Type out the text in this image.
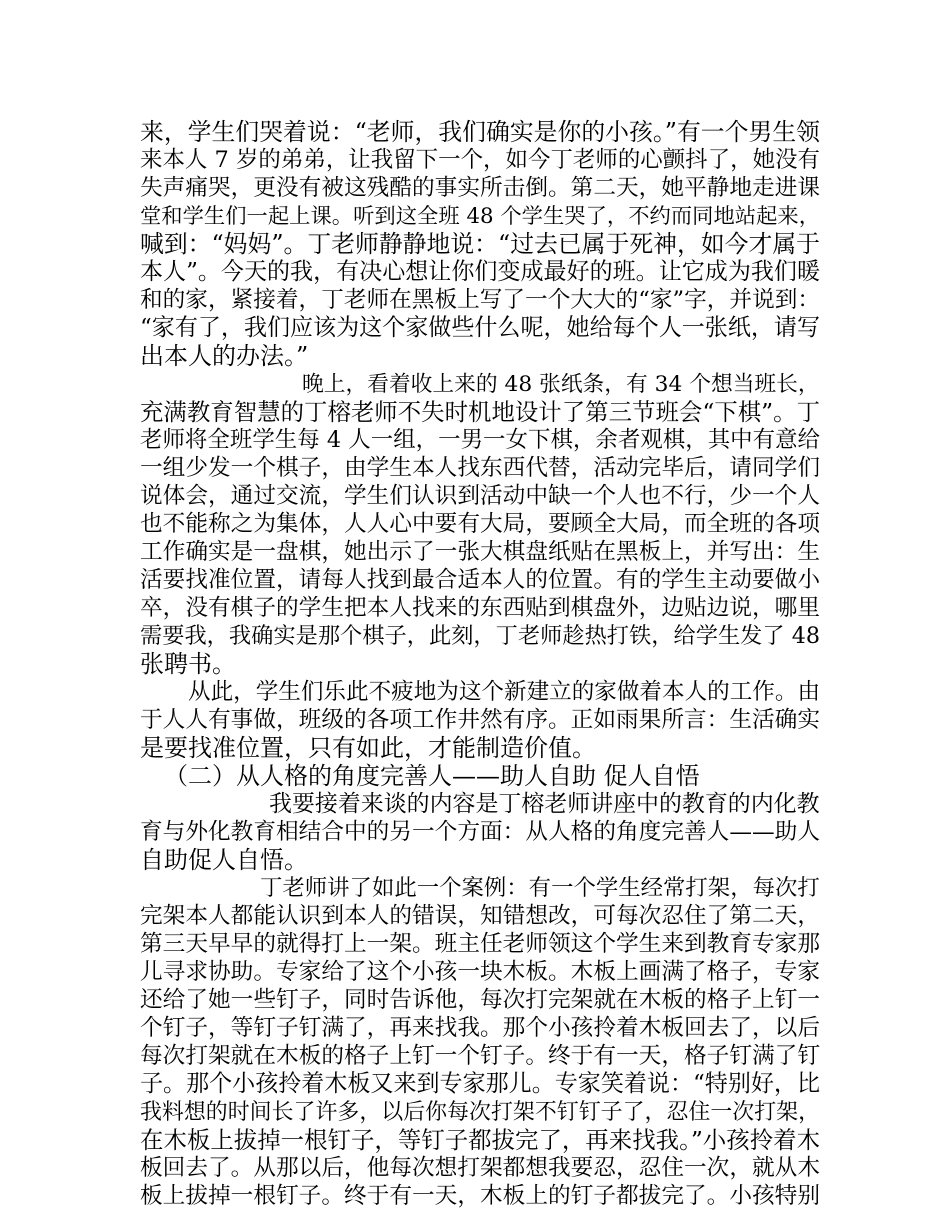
来，学生们哭着说：“老师，我们确实是你的小孩。”有一个男生领

来本人 7 岁的弟弟，让我留下一个，如今丁老师的心颤抖了，她没有

失声痛哭，更没有被这残酷的事实所击倒。第二天，她平静地走进课

堂和学生们一起上课。听到这全班 48 个学生哭了，不约而同地站起来，

喊到：“妈妈”。丁老师静静地说：“过去已属于死神，如今才属于

本人”。今天的我，有决心想让你们变成最好的班。让它成为我们暖

和的家，紧接着，丁老师在黑板上写了一个大大的“家”字，并说到：

“家有了，我们应该为这个家做些什么呢，她给每个人一张纸，请写

出本人的办法。”

晚上，看着收上来的 48 张纸条，有 34 个想当班长，

充满教育智慧的丁榕老师不失时机地设计了第三节班会“下棋”。丁

老师将全班学生每 4 人一组，一男一女下棋，余者观棋，其中有意给

一组少发一个棋子，由学生本人找东西代替，活动完毕后，请同学们

说体会，通过交流，学生们认识到活动中缺一个人也不行，少一个人

也不能称之为集体，人人心中要有大局，要顾全大局，而全班的各项

工作确实是一盘棋，她出示了一张大棋盘纸贴在黑板上，并写出：生

活要找准位置，请每人找到最合适本人的位置。有的学生主动要做小

卒，没有棋子的学生把本人找来的东西贴到棋盘外，边贴边说，哪里

需要我，我确实是那个棋子，此刻，丁老师趁热打铁，给学生发了 48

张聘书。

从此，学生们乐此不疲地为这个新建立的家做着本人的工作。由

于人人有事做，班级的各项工作井然有序。正如雨果所言：生活确实

是要找准位置，只有如此，才能制造价值。

（二）从人格的角度完善人——助人自助 促人自悟

我要接着来谈的内容是丁榕老师讲座中的教育的内化教

育与外化教育相结合中的另一个方面：从人格的角度完善人——助人

自助促人自悟。

丁老师讲了如此一个案例：有一个学生经常打架，每次打

完架本人都能认识到本人的错误，知错想改，可每次忍住了第二天，

第三天早早的就得打上一架。班主任老师领这个学生来到教育专家那

儿寻求协助。专家给了这个小孩一块木板。木板上画满了格子，专家

还给了她一些钉子，同时告诉他，每次打完架就在木板的格子上钉一

个钉子，等钉子钉满了，再来找我。那个小孩拎着木板回去了，以后

每次打架就在木板的格子上钉一个钉子。终于有一天，格子钉满了钉

子。那个小孩拎着木板又来到专家那儿。专家笑着说：“特别好，比

我料想的时间长了许多，以后你每次打架不钉钉子了，忍住一次打架，

在木板上拔掉一根钉子，等钉子都拔完了，再来找我。”小孩拎着木

板回去了。从那以后，他每次想打架都想我要忍，忍住一次，就从木

板上拔掉一根钉子。终于有一天，木板上的钉子都拔完了。小孩特别
